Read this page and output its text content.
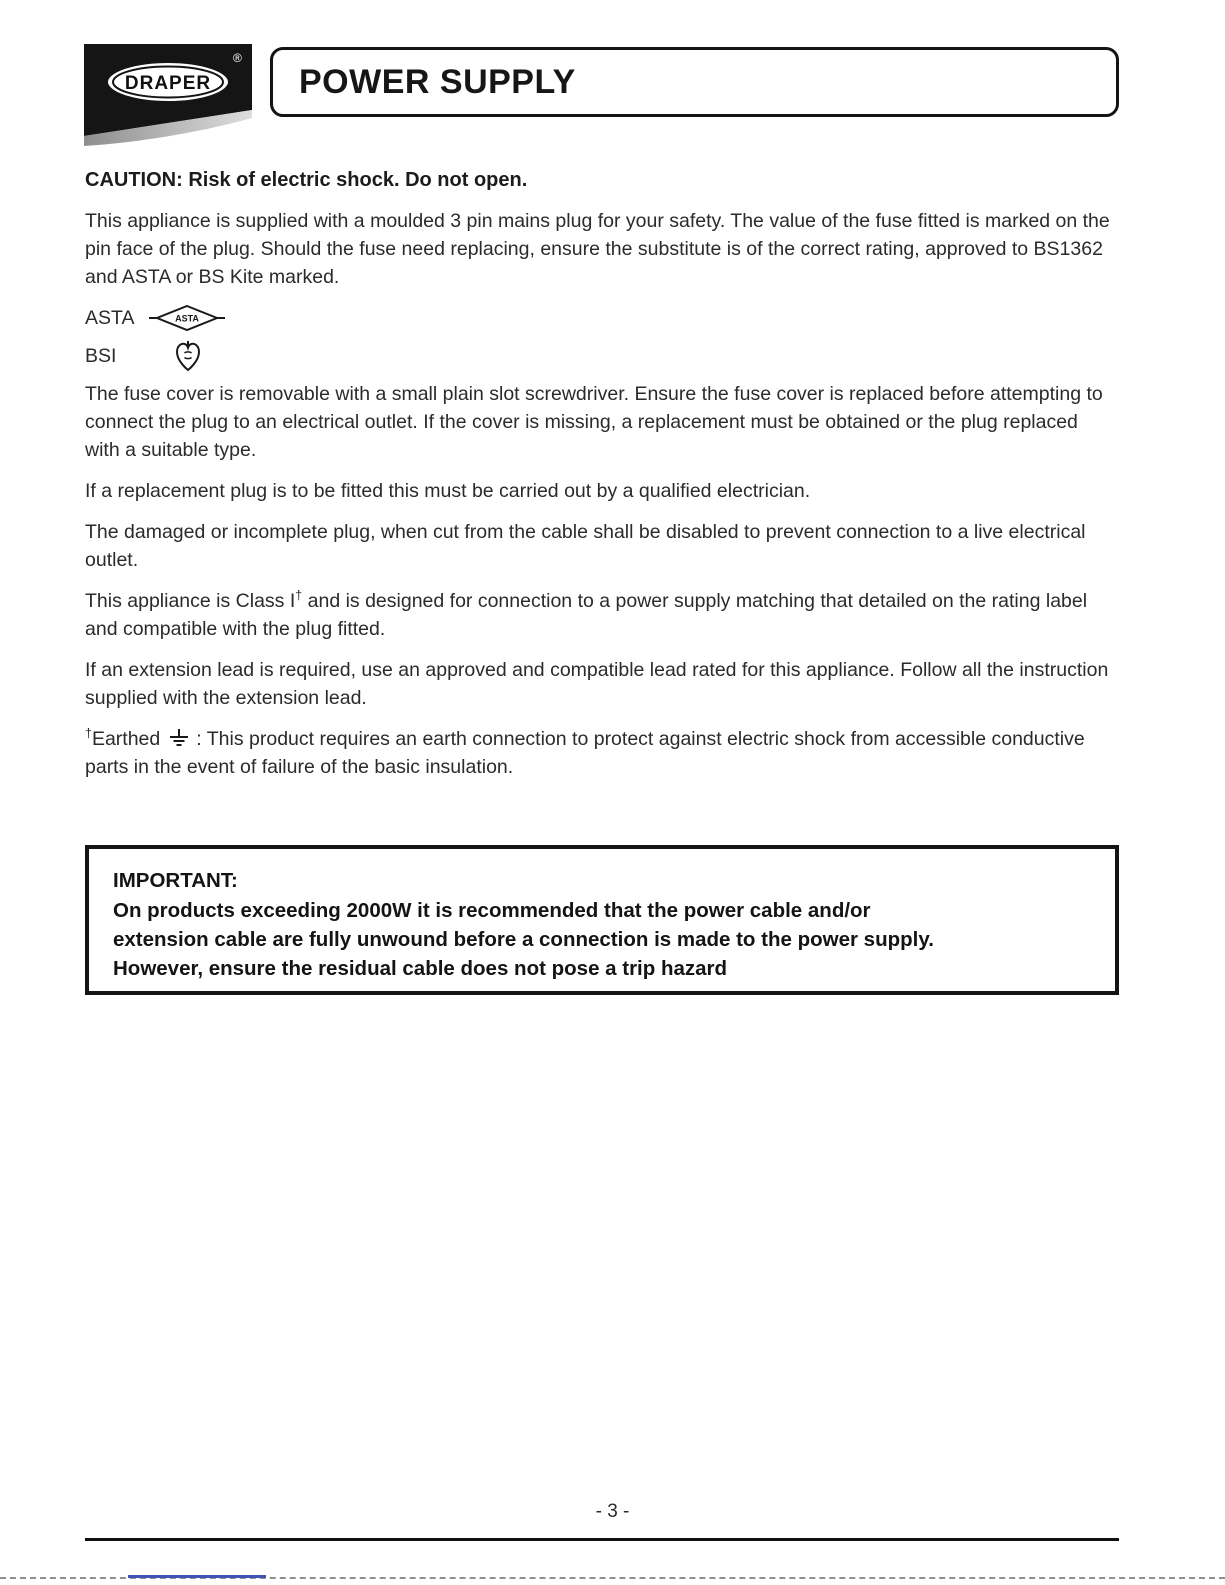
DRAPER
®
POWER SUPPLY

CAUTION: Risk of electric shock. Do not open.

This appliance is supplied with a moulded 3 pin mains plug for your safety. The value of the fuse fitted is marked on the pin face of the plug. Should the fuse need replacing, ensure the substitute is of the correct rating, approved to BS1362 and ASTA or BS Kite marked.

ASTA	ASTA
BSI

The fuse cover is removable with a small plain slot screwdriver. Ensure the fuse cover is replaced before attempting to connect the plug to an electrical outlet. If the cover is missing, a replacement must be obtained or the plug replaced with a suitable type.

If a replacement plug is to be fitted this must be carried out by a qualified electrician.

The damaged or incomplete plug, when cut from the cable shall be disabled to prevent connection to a live electrical outlet.

This appliance is Class I† and is designed for connection to a power supply matching that detailed on the rating label and compatible with the plug fitted.

If an extension lead is required, use an approved and compatible lead rated for this appliance. Follow all the instruction supplied with the extension lead.

†Earthed : This product requires an earth connection to protect against electric shock from accessible conductive parts in the event of failure of the basic insulation.

IMPORTANT:

On products exceeding 2000W it is recommended that the power cable and/or

extension cable are fully unwound before a connection is made to the power supply.

However, ensure the residual cable does not pose a trip hazard

- 3 -
